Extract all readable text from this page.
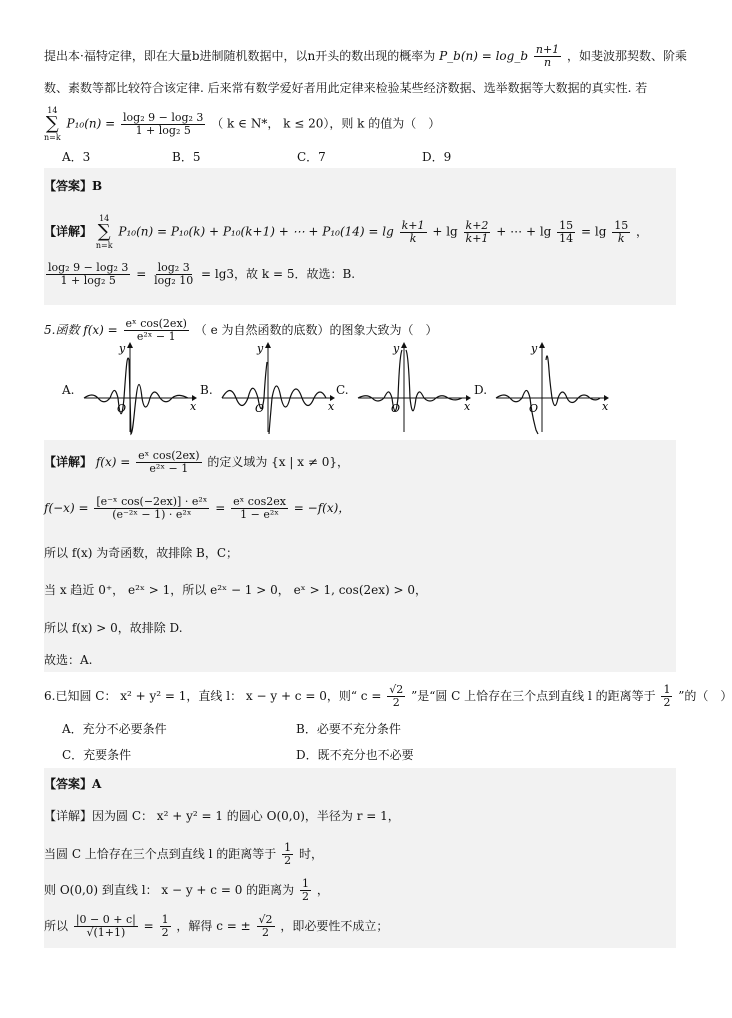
提出本·福特定律，即在大量b进制随机数据中，以n开头的数出现的概率为 P_b(n) = log_b $\frac{n+1}{n}$ ，如斐波那契数、阶乘
数、素数等都比较符合该定律. 后来常有数学爱好者用此定律来检验某些经济数据、选举数据等大数据的真实性. 若
14
∑
n=k
$P_{10}(n) = \frac{\text{log₂ 9 − log₂ 3}}{\text{1 + log₂ 5}}$ （ k ∈ N*， k ≤ 20），则 k 的值为（　）
A．3	B．5	C．7	D．9
【答案】B
【详解】
14
∑
n=k
P₁₀(n) = P₁₀(k) + P₁₀(k+1) + ⋯ + $P_{10}(14) = \lg \frac{k+1}{k} + \lg \frac{k+2}{k+1}$ + ⋯ + $\lg \frac{15}{14} = \lg \frac{15}{k}$ ，
$\frac{\text{log₂ 9 − log₂ 3}}{\text{1 + log₂ 5}} = \frac{\text{log₂ 3}}{\text{log₂ 10}} = \lg 3$，故 k = 5．故选：B.
5.函数 $f(x) = \frac{\text{eˣ cos(2ex)}}{\text{e²ˣ − 1}}$ （ e 为自然函数的底数）的图象大致为（　）
A.	B.	C.	D.
O	x
y
O	x
y
O	x
y
O	x
y
【详解】 $f(x) = \frac{\text{eˣ cos(2ex)}}{\text{e²ˣ − 1}}$ 的定义域为 {x | x ≠ 0}，
$f(-x) = \frac{\text{[e⁻ˣ cos(−2ex)] · e²ˣ}}{\text{(e⁻²ˣ − 1) · e²ˣ}} = \frac{\text{eˣ cos2ex}}{\text{1 − e²ˣ}} = -f(x)$，
所以 f(x) 为奇函数，故排除 B，C；
当 x 趋近 0⁺， e²ˣ > 1，所以 e²ˣ − 1 > 0， eˣ > 1, cos(2ex) > 0，
所以 f(x) > 0，故排除 D.
故选：A.
6.已知圆 C： x² + y² = 1，直线 l： x − y + c = 0，则“ $c = \frac{√2}{2}$ ”是“圆 C 上恰存在三个点到直线 l 的距离等于 $\frac{1}{2}$ ”的（　）
A．充分不必要条件	B．必要不充分条件
C．充要条件	D．既不充分也不必要
【答案】A
【详解】因为圆 C： x² + y² = 1 的圆心 O(0,0)，半径为 r = 1，
当圆 C 上恰存在三个点到直线 l 的距离等于 $\frac{1}{2}$ 时，
则 O(0,0) 到直线 l： x − y + c = 0 的距离为 $\frac{1}{2}$ ，
所以 $\frac{|0 - 0 + c|}{√(1+1)} = \frac{1}{2}$ ，解得 c = ± $\frac{√2}{2}$ ，即必要性不成立；
